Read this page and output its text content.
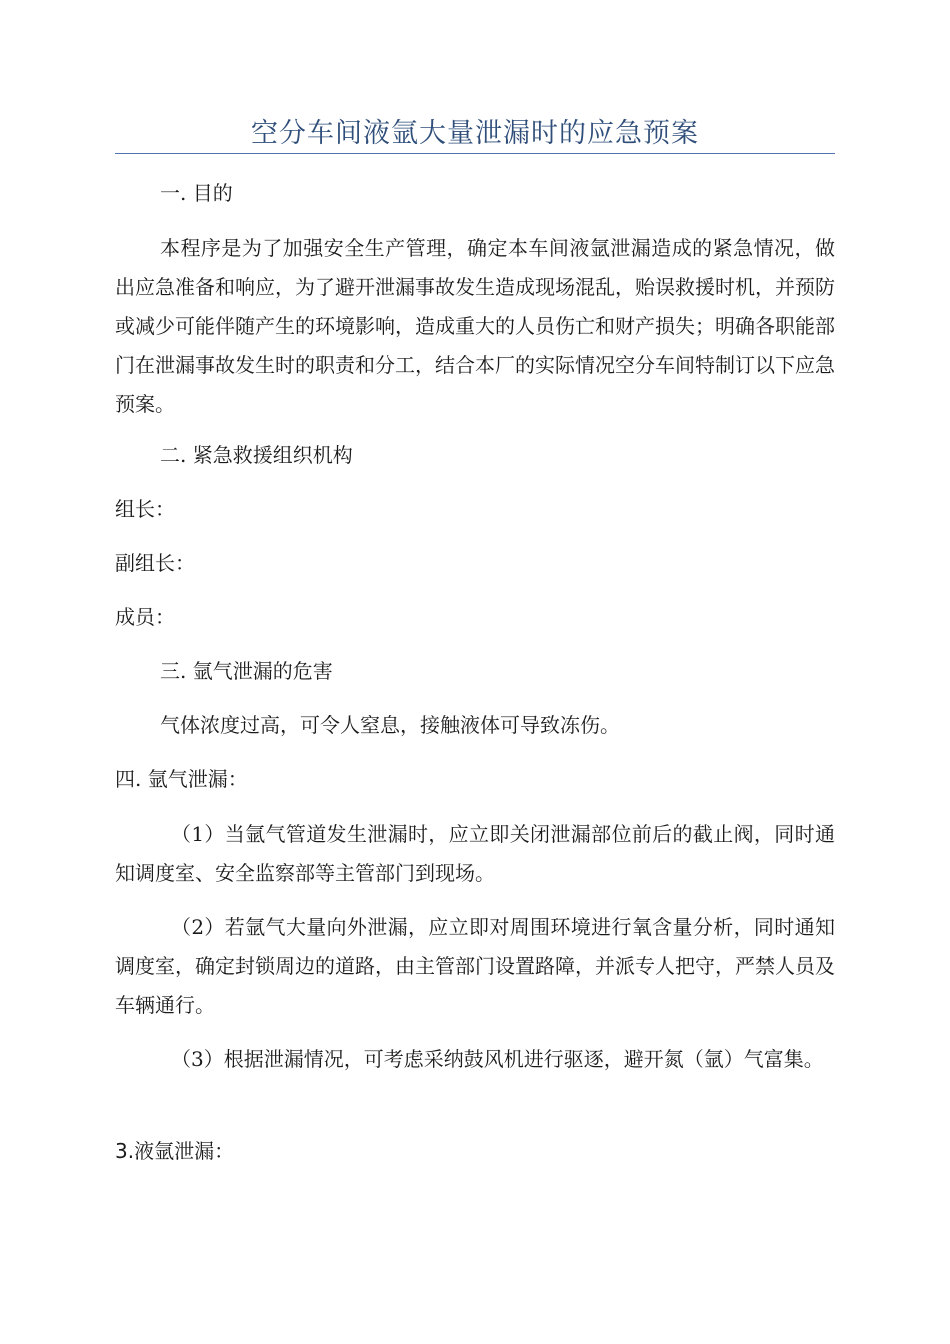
空分车间液氩大量泄漏时的应急预案
一. 目的
本程序是为了加强安全生产管理，确定本车间液氩泄漏造成的紧急情况，做出应急准备和响应，为了避开泄漏事故发生造成现场混乱，贻误救援时机，并预防或减少可能伴随产生的环境影响，造成重大的人员伤亡和财产损失；明确各职能部门在泄漏事故发生时的职责和分工，结合本厂的实际情况空分车间特制订以下应急预案。
二. 紧急救援组织机构
组长：
副组长：
成员：
三. 氩气泄漏的危害
气体浓度过高，可令人窒息，接触液体可导致冻伤。
四. 氩气泄漏：
（1）当氩气管道发生泄漏时，应立即关闭泄漏部位前后的截止阀，同时通知调度室、安全监察部等主管部门到现场。
（2）若氩气大量向外泄漏，应立即对周围环境进行氧含量分析，同时通知调度室，确定封锁周边的道路，由主管部门设置路障，并派专人把守，严禁人员及车辆通行。
（3）根据泄漏情况，可考虑采纳鼓风机进行驱逐，避开氮（氩）气富集。
3.液氩泄漏：
